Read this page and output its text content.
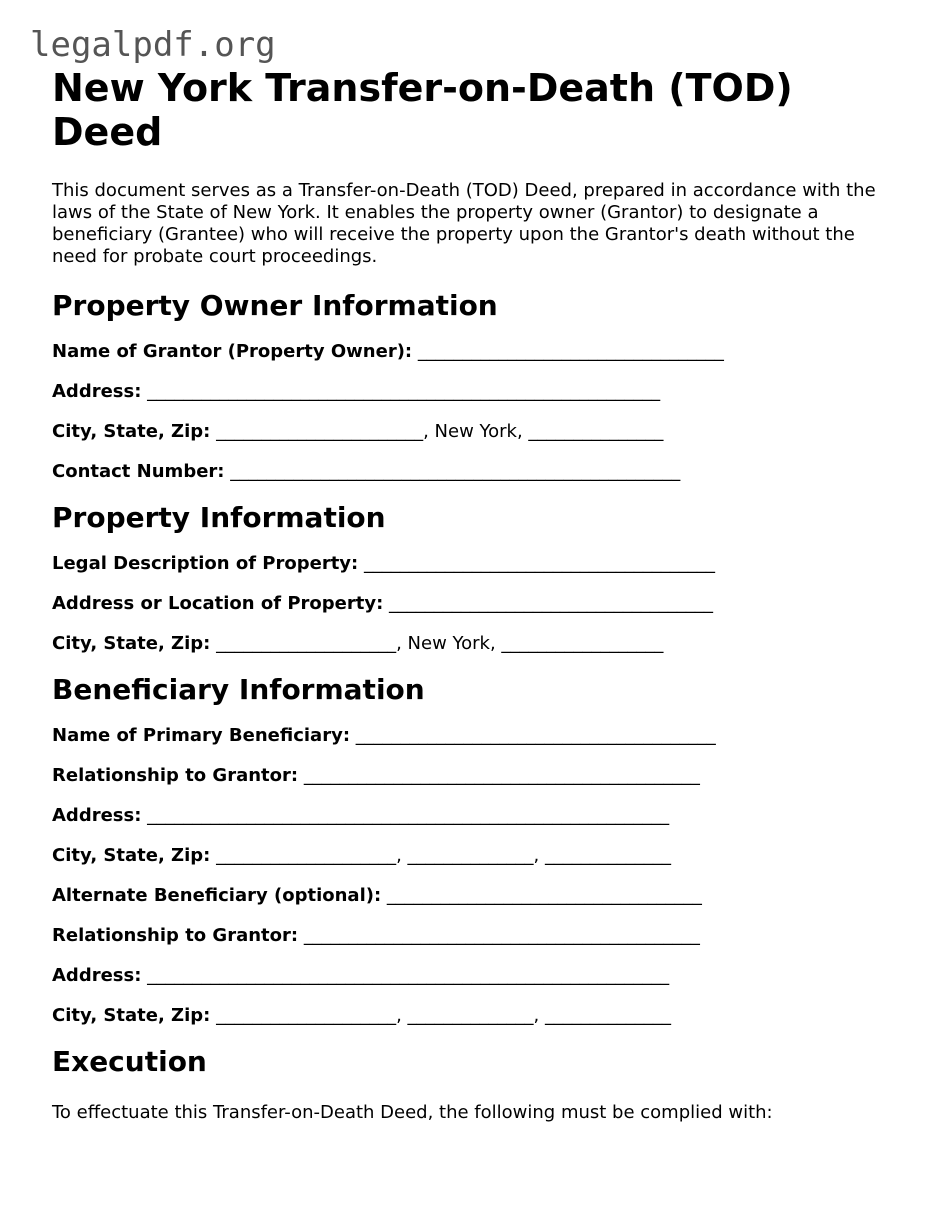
legalpdf.org
New York Transfer-on-Death (TOD) Deed

This document serves as a Transfer-on-Death (TOD) Deed, prepared in accordance with the laws of the State of New York. It enables the property owner (Grantor) to designate a beneficiary (Grantee) who will receive the property upon the Grantor's death without the need for probate court proceedings.

Property Owner Information
Name of Grantor (Property Owner): __________________________________
Address: _________________________________________________________
City, State, Zip: _______________________, New York, _______________
Contact Number: __________________________________________________
Property Information
Legal Description of Property: _______________________________________
Address or Location of Property: ____________________________________
City, State, Zip: ____________________, New York, __________________
Beneficiary Information
Name of Primary Beneficiary: ________________________________________
Relationship to Grantor: ____________________________________________
Address: __________________________________________________________
City, State, Zip: ____________________, ______________, ______________
Alternate Beneficiary (optional): ___________________________________
Relationship to Grantor: ____________________________________________
Address: __________________________________________________________
City, State, Zip: ____________________, ______________, ______________
Execution

To effectuate this Transfer-on-Death Deed, the following must be complied with:
